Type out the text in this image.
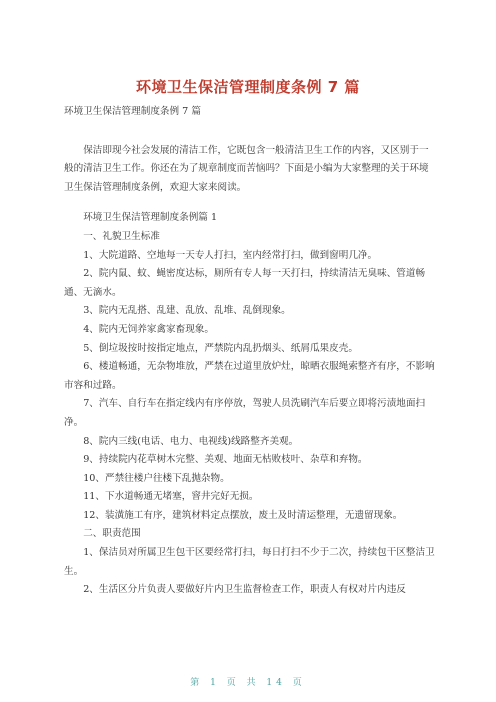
环境卫生保洁管理制度条例 7 篇

环境卫生保洁管理制度条例 7 篇

保洁即现今社会发展的清洁工作，它既包含一般清洁卫生工作的内容，又区别于一般的清洁卫生工作。你还在为了规章制度而苦恼吗？下面是小编为大家整理的关于环境卫生保洁管理制度条例，欢迎大家来阅读。

环境卫生保洁管理制度条例篇 1

一、礼貌卫生标准

1、大院道路、空地每一天专人打扫，室内经常打扫，做到窗明几净。

2、院内鼠、蚊、蝇密度达标，厕所有专人每一天打扫，持续清洁无臭味、管道畅通、无滴水。

3、院内无乱搭、乱建、乱放、乱堆、乱倒现象。

4、院内无饲养家禽家畜现象。

5、倒垃圾按时按指定地点，严禁院内乱扔烟头、纸屑瓜果皮壳。

6、楼道畅通，无杂物堆放，严禁在过道里放炉灶，晾晒衣服绳索整齐有序，不影响市容和过路。

7、汽车、自行车在指定线内有序停放，驾驶人员洗刷汽车后要立即将污渍地面扫净。

8、院内三线(电话、电力、电视线)线路整齐美观。

9、持续院内花草树木完整、美观、地面无枯败枝叶、杂草和弃物。

10、严禁往楼户往楼下乱抛杂物。

11、下水道畅通无堵塞，窨井完好无损。

12、装潢施工有序，建筑材料定点摆放，废土及时清运整理，无遗留现象。

二、职责范围

1、保洁员对所属卫生包干区要经常打扫，每日打扫不少于二次，持续包干区整洁卫生。

2、生活区分片负责人要做好片内卫生监督检查工作，职责人有权对片内违反

第 1 页 共 14 页
